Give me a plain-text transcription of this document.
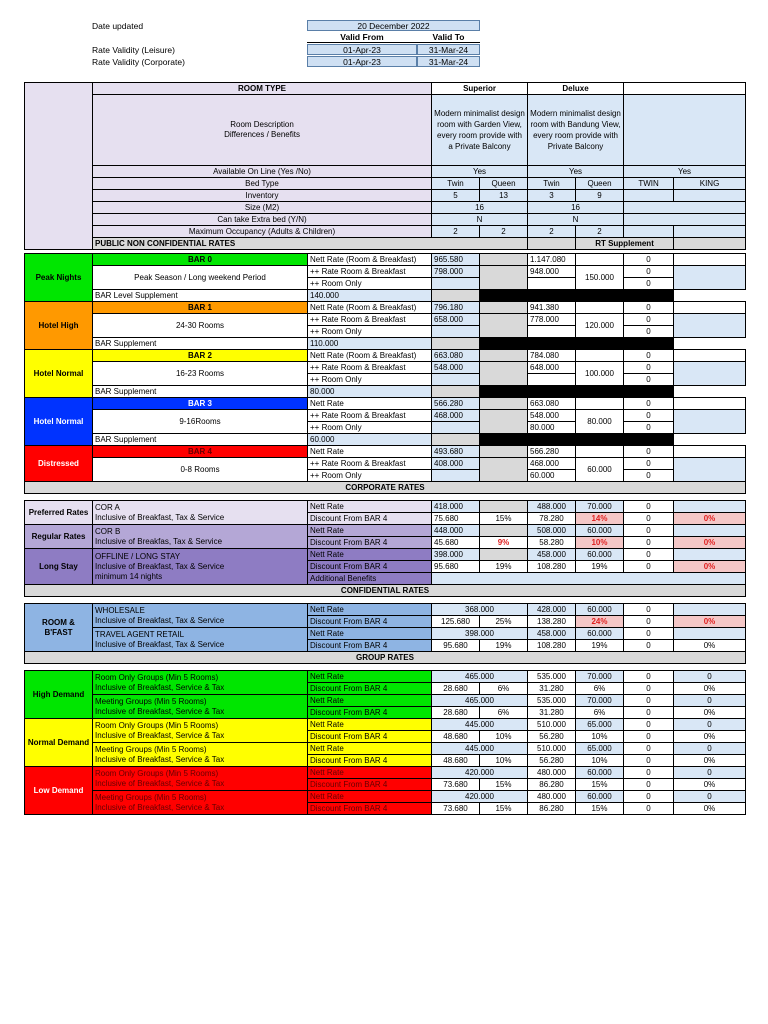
Date updated	20 December 2022
Valid From	Valid To
Rate Validity (Leisure)	01-Apr-23	31-Mar-24
Rate Validity (Corporate)	01-Apr-23	31-Mar-24
	ROOM TYPE	Superior		Deluxe				
	Room Description
Differences / Benefits	Modern minimalist design room with Garden View, every room provide with a Private Balcony		Modern minimalist design room with Bandung View, every room provide with Private Balcony				
	Available On Line (Yes /No)	Yes		Yes		Yes		
	Bed Type	Twin	Queen	Twin	Queen	TWIN	KING	
	Inventory	5	13	3	9			
	Size (M2)	16		16				
	Can take Extra bed (Y/N)	N		N				
	Maximum Occupancy (Adults & Children)	2	2	2	2			
	PUBLIC NON CONFIDENTIAL RATES				RT Supplement		
Peak Nights	BAR 0	Nett Rate (Room & Breakfast)	965.580		1.147.080		0	
	Peak Season / Long weekend Period	++ Rate Room & Breakfast	798.000		948.000	150.000	0	
		++ Room Only					0	
	BAR Level Supplement	140.000						
Hotel High	BAR 1	Nett Rate (Room & Breakfast)	796.180		941.380		0	
	24-30 Rooms	++ Rate Room & Breakfast	658.000		778.000	120.000	0	
		++ Room Only					0	
	BAR Supplement	110.000						
Hotel Normal	BAR 2	Nett Rate (Room & Breakfast)	663.080		784.080		0	
	16-23 Rooms	++ Rate Room & Breakfast	548.000		648.000	100.000	0	
		++ Room Only					0	
	BAR Supplement	80.000						
Hotel Normal	BAR 3	Nett Rate	566.280		663.080		0	
	9-16Rooms	++ Rate Room & Breakfast	468.000		548.000	80.000	0	
		++ Room Only			80.000		0	
	BAR Supplement	60.000						
Distressed	BAR 4	Nett Rate	493.680		566.280		0	
	0-8 Rooms	++ Rate Room & Breakfast	408.000		468.000	60.000	0	
		++ Room Only			60.000		0	
CORPORATE RATES								

Preferred Rates	COR A
Inclusive of Breakfast, Tax & Service	Nett Rate	418.000		488.000	70.000	0	
		Discount From BAR 4	75.680	15%	78.280	14%	0	0%
Regular Rates	COR B
Inclusive of Breakfas, Tax & Service	Nett Rate	448.000		508.000	60.000	0	
		Discount From BAR 4	45.680	9%	58.280	10%	0	0%
Long Stay	OFFLINE / LONG STAY
Inclusive of Breakfast, Tax & Service
minimum 14 nights	Nett Rate	398.000		458.000	60.000	0	
		Discount From BAR 4	95.680	19%	108.280	19%	0	0%
		Additional Benefits						
CONFIDENTIAL RATES								

ROOM & B'FAST	WHOLESALE
Inclusive of Breakfast, Tax & Service	Nett Rate	368.000		428.000	60.000	0	
		Discount From BAR 4	125.680	25%	138.280	24%	0	0%

	TRAVEL AGENT RETAIL
Inclusive of Breakfast, Tax & Service	Nett Rate	398.000		458.000	60.000	0	
		Discount From BAR 4	95.680	19%	108.280	19%	0	0%
GROUP RATES								

High Demand	Room Only Groups (Min 5 Rooms)
Inclusive of Breakfast, Service & Tax	Nett Rate	465.000		535.000	70.000	0	0
		Discount From BAR 4	28.680	6%	31.280	6%	0	0%

	Meeting Groups (Min 5 Rooms)
Inclusive of Breakfast, Service & Tax	Nett Rate	465.000		535.000	70.000	0	0
		Discount From BAR 4	28.680	6%	31.280	6%	0	0%
Normal Demand	Room Only Groups (Min 5 Rooms)
Inclusive of Breakfast, Service & Tax	Nett Rate	445.000		510.000	65.000	0	0
		Discount From BAR 4	48.680	10%	56.280	10%	0	0%

	Meeting Groups (Min 5 Rooms)
Inclusive of Breakfast, Service & Tax	Nett Rate	445.000		510.000	65.000	0	0
		Discount From BAR 4	48.680	10%	56.280	10%	0	0%
Low Demand	Room Only Groups (Min 5 Rooms)
Inclusive of Breakfast, Service & Tax	Nett Rate	420.000		480.000	60.000	0	0
		Discount From BAR 4	73.680	15%	86.280	15%	0	0%

	Meeting Groups (Min 5 Rooms)
Inclusive of Breakfast, Service & Tax	Nett Rate	420.000		480.000	60.000	0	0
		Discount From BAR 4	73.680	15%	86.280	15%	0	0%
